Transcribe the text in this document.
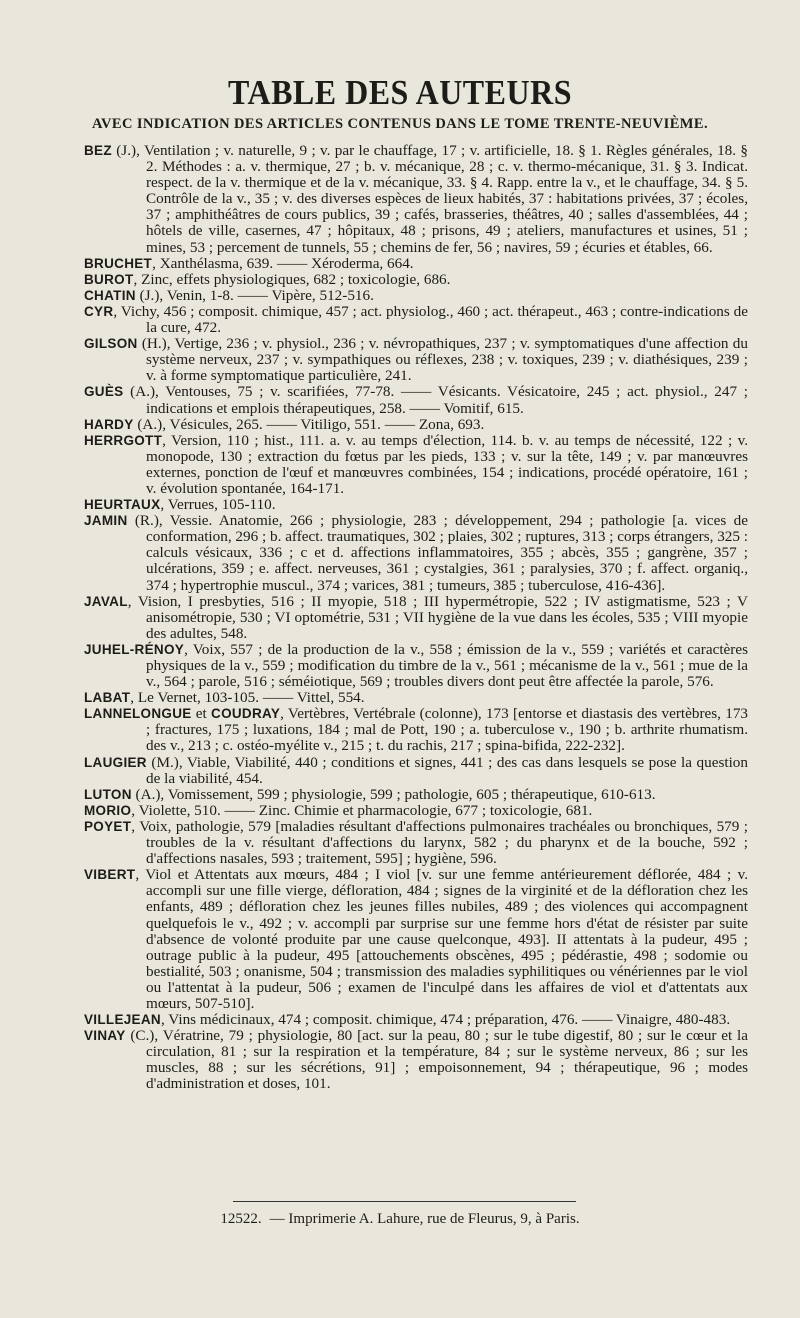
TABLE DES AUTEURS
AVEC INDICATION DES ARTICLES CONTENUS DANS LE TOME TRENTE-NEUVIÈME.

BEZ (J.), Ventilation ; v. naturelle, 9 ; v. par le chauffage, 17 ; v. artificielle, 18. § 1. Règles générales, 18. § 2. Méthodes : a. v. thermique, 27 ; b. v. mécanique, 28 ; c. v. thermo-mécanique, 31. § 3. Indicat. respect. de la v. thermique et de la v. mécanique, 33. § 4. Rapp. entre la v., et le chauffage, 34. § 5. Contrôle de la v., 35 ; v. des diverses espèces de lieux habités, 37 : habitations privées, 37 ; écoles, 37 ; amphithéâtres de cours publics, 39 ; cafés, brasseries, théâtres, 40 ; salles d'assemblées, 44 ; hôtels de ville, casernes, 47 ; hôpitaux, 48 ; prisons, 49 ; ateliers, manufactures et usines, 51 ; mines, 53 ; percement de tunnels, 55 ; chemins de fer, 56 ; navires, 59 ; écuries et étables, 66.

BRUCHET, Xanthélasma, 639. —— Xéroderma, 664.

BUROT, Zinc, effets physiologiques, 682 ; toxicologie, 686.

CHATIN (J.), Venin, 1-8. —— Vipère, 512-516.

CYR, Vichy, 456 ; composit. chimique, 457 ; act. physiolog., 460 ; act. thérapeut., 463 ; contre-indications de la cure, 472.

GILSON (H.), Vertige, 236 ; v. physiol., 236 ; v. névropathiques, 237 ; v. symptomatiques d'une affection du système nerveux, 237 ; v. sympathiques ou réflexes, 238 ; v. toxiques, 239 ; v. diathésiques, 239 ; v. à forme symptomatique particulière, 241.

GUÈS (A.), Ventouses, 75 ; v. scarifiées, 77-78. —— Vésicants. Vésicatoire, 245 ; act. physiol., 247 ; indications et emplois thérapeutiques, 258. —— Vomitif, 615.

HARDY (A.), Vésicules, 265. —— Vitiligo, 551. —— Zona, 693.

HERRGOTT, Version, 110 ; hist., 111. a. v. au temps d'élection, 114. b. v. au temps de nécessité, 122 ; v. monopode, 130 ; extraction du fœtus par les pieds, 133 ; v. sur la tête, 149 ; v. par manœuvres externes, ponction de l'œuf et manœuvres combinées, 154 ; indications, procédé opératoire, 161 ; v. évolution spontanée, 164-171.

HEURTAUX, Verrues, 105-110.

JAMIN (R.), Vessie. Anatomie, 266 ; physiologie, 283 ; développement, 294 ; pathologie [a. vices de conformation, 296 ; b. affect. traumatiques, 302 ; plaies, 302 ; ruptures, 313 ; corps étrangers, 325 : calculs vésicaux, 336 ; c et d. affections inflammatoires, 355 ; abcès, 355 ; gangrène, 357 ; ulcérations, 359 ; e. affect. nerveuses, 361 ; cystalgies, 361 ; paralysies, 370 ; f. affect. organiq., 374 ; hypertrophie muscul., 374 ; varices, 381 ; tumeurs, 385 ; tuberculose, 416-436].

JAVAL, Vision, I presbyties, 516 ; II myopie, 518 ; III hypermétropie, 522 ; IV astigmatisme, 523 ; V anisométropie, 530 ; VI optométrie, 531 ; VII hygiène de la vue dans les écoles, 535 ; VIII myopie des adultes, 548.

JUHEL-RÉNOY, Voix, 557 ; de la production de la v., 558 ; émission de la v., 559 ; variétés et caractères physiques de la v., 559 ; modification du timbre de la v., 561 ; mécanisme de la v., 561 ; mue de la v., 564 ; parole, 516 ; séméiotique, 569 ; troubles divers dont peut être affectée la parole, 576.

LABAT, Le Vernet, 103-105. —— Vittel, 554.

LANNELONGUE et COUDRAY, Vertèbres, Vertébrale (colonne), 173 [entorse et diastasis des vertèbres, 173 ; fractures, 175 ; luxations, 184 ; mal de Pott, 190 ; a. tuberculose v., 190 ; b. arthrite rhumatism. des v., 213 ; c. ostéo-myélite v., 215 ; t. du rachis, 217 ; spina-bifida, 222-232].

LAUGIER (M.), Viable, Viabilité, 440 ; conditions et signes, 441 ; des cas dans lesquels se pose la question de la viabilité, 454.

LUTON (A.), Vomissement, 599 ; physiologie, 599 ; pathologie, 605 ; thérapeutique, 610-613.

MORIO, Violette, 510. —— Zinc. Chimie et pharmacologie, 677 ; toxicologie, 681.

POYET, Voix, pathologie, 579 [maladies résultant d'affections pulmonaires trachéales ou bronchiques, 579 ; troubles de la v. résultant d'affections du larynx, 582 ; du pharynx et de la bouche, 592 ; d'affections nasales, 593 ; traitement, 595] ; hygiène, 596.

VIBERT, Viol et Attentats aux mœurs, 484 ; I viol [v. sur une femme antérieurement déflorée, 484 ; v. accompli sur une fille vierge, défloration, 484 ; signes de la virginité et de la défloration chez les enfants, 489 ; défloration chez les jeunes filles nubiles, 489 ; des violences qui accompagnent quelquefois le v., 492 ; v. accompli par surprise sur une femme hors d'état de résister par suite d'absence de volonté produite par une cause quelconque, 493]. II attentats à la pudeur, 495 ; outrage public à la pudeur, 495 [attouchements obscènes, 495 ; pédérastie, 498 ; sodomie ou bestialité, 503 ; onanisme, 504 ; transmission des maladies syphilitiques ou vénériennes par le viol ou l'attentat à la pudeur, 506 ; examen de l'inculpé dans les affaires de viol et d'attentats aux mœurs, 507-510].

VILLEJEAN, Vins médicinaux, 474 ; composit. chimique, 474 ; préparation, 476. —— Vinaigre, 480-483.

VINAY (C.), Vératrine, 79 ; physiologie, 80 [act. sur la peau, 80 ; sur le tube digestif, 80 ; sur le cœur et la circulation, 81 ; sur la respiration et la température, 84 ; sur le système nerveux, 86 ; sur les muscles, 88 ; sur les sécrétions, 91] ; empoisonnement, 94 ; thérapeutique, 96 ; modes d'administration et doses, 101.

12522. — Imprimerie A. Lahure, rue de Fleurus, 9, à Paris.
